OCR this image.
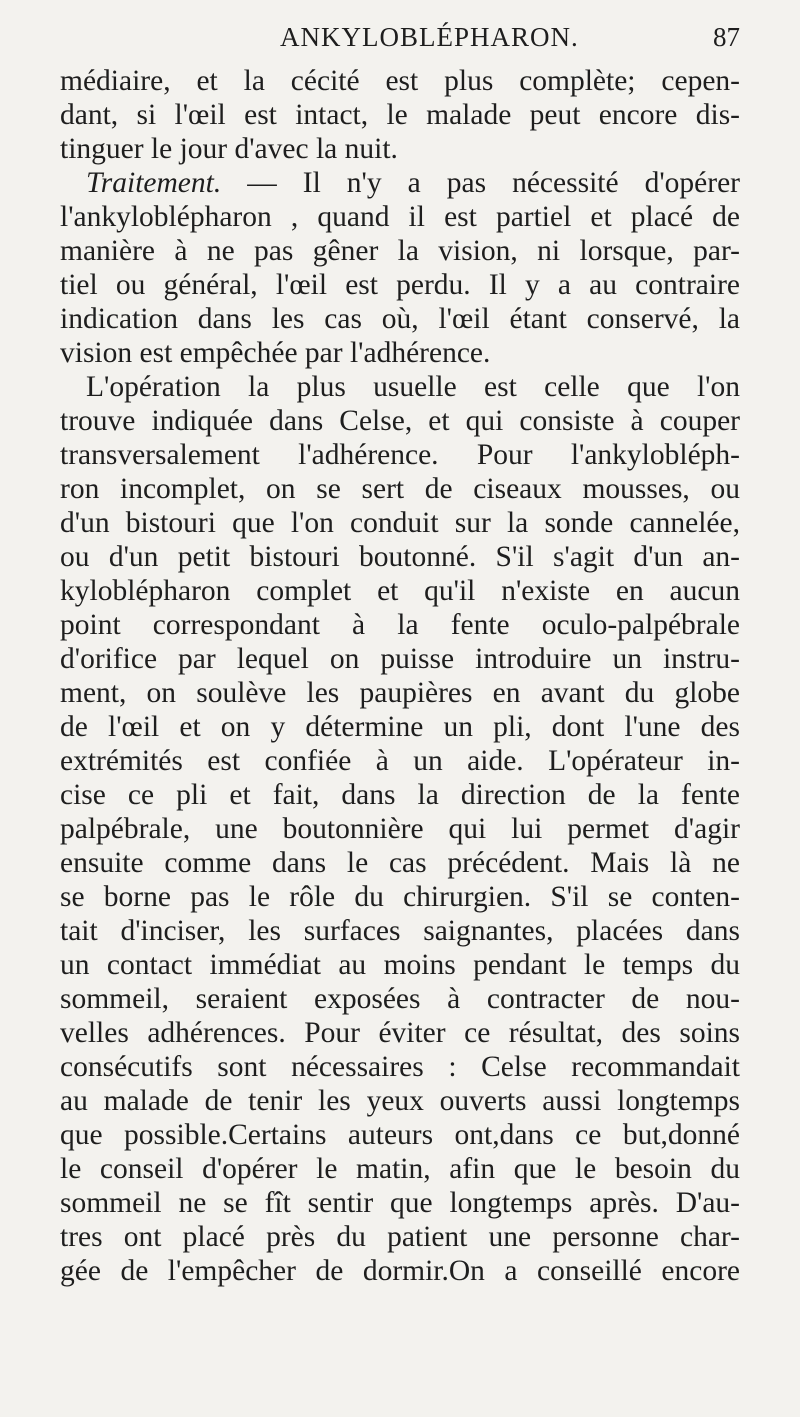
ANKYLOBLÉPHARON.	87
médiaire, et la cécité est plus complète; cepen-
dant, si l'œil est intact, le malade peut encore dis-
tinguer le jour d'avec la nuit.
Traitement. — Il n'y a pas nécessité d'opérer
l'ankyloblépharon , quand il est partiel et placé de
manière à ne pas gêner la vision, ni lorsque, par-
tiel ou général, l'œil est perdu. Il y a au contraire
indication dans les cas où, l'œil étant conservé, la
vision est empêchée par l'adhérence.
L'opération la plus usuelle est celle que l'on
trouve indiquée dans Celse, et qui consiste à couper
transversalement l'adhérence. Pour l'ankylobléph-
ron incomplet, on se sert de ciseaux mousses, ou
d'un bistouri que l'on conduit sur la sonde cannelée,
ou d'un petit bistouri boutonné. S'il s'agit d'un an-
kyloblépharon complet et qu'il n'existe en aucun
point correspondant à la fente oculo-palpébrale
d'orifice par lequel on puisse introduire un instru-
ment, on soulève les paupières en avant du globe
de l'œil et on y détermine un pli, dont l'une des
extrémités est confiée à un aide. L'opérateur in-
cise ce pli et fait, dans la direction de la fente
palpébrale, une boutonnière qui lui permet d'agir
ensuite comme dans le cas précédent. Mais là ne
se borne pas le rôle du chirurgien. S'il se conten-
tait d'inciser, les surfaces saignantes, placées dans
un contact immédiat au moins pendant le temps du
sommeil, seraient exposées à contracter de nou-
velles adhérences. Pour éviter ce résultat, des soins
consécutifs sont nécessaires : Celse recommandait
au malade de tenir les yeux ouverts aussi longtemps
que possible.Certains auteurs ont,dans ce but,donné
le conseil d'opérer le matin, afin que le besoin du
sommeil ne se fît sentir que longtemps après. D'au-
tres ont placé près du patient une personne char-
gée de l'empêcher de dormir.On a conseillé encore
